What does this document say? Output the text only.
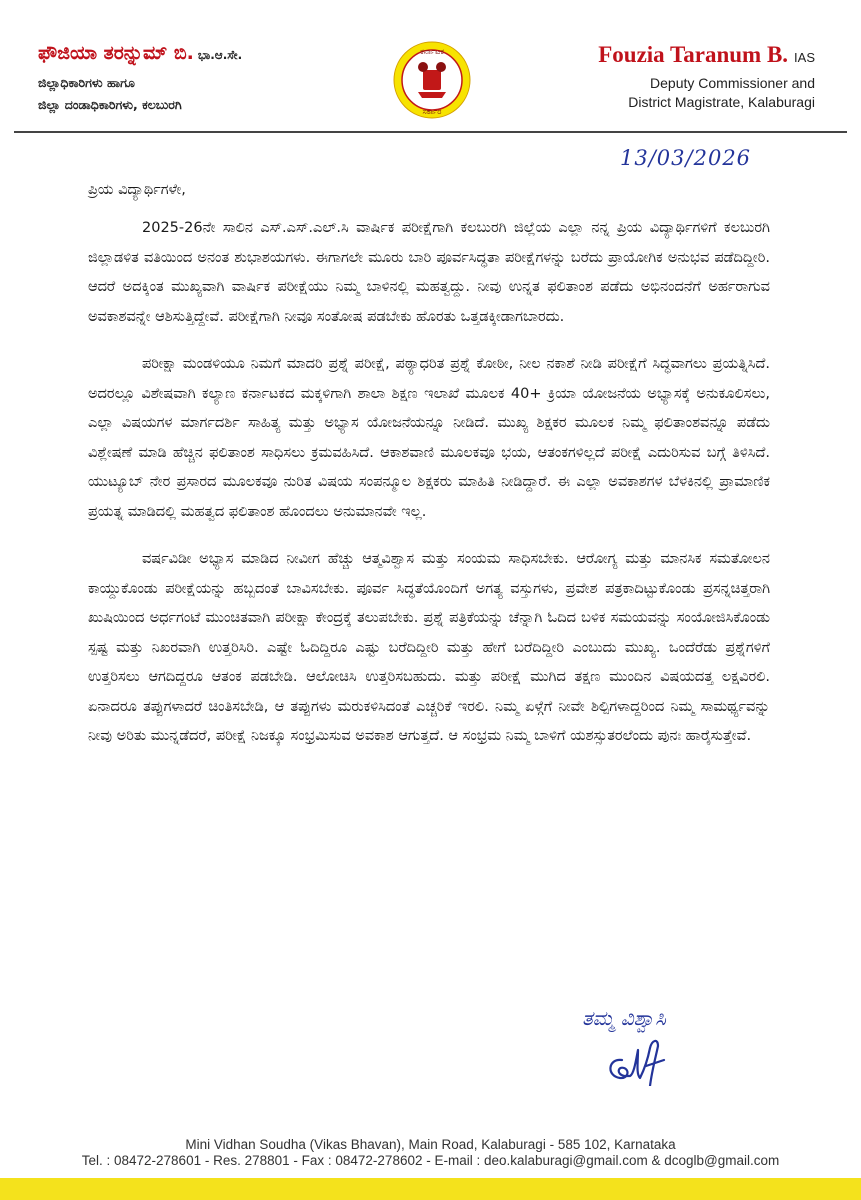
ಫೌಜಿಯಾ ತರನ್ನುಮ್ ಬಿ. ಭಾ.ಆ.ಸೇ.
ಜಿಲ್ಲಾಧಿಕಾರಿಗಳು ಹಾಗೂ
ಜಿಲ್ಲಾ ದಂಡಾಧಿಕಾರಿಗಳು, ಕಲಬುರಗಿ
ಕರ್ನಾಟಕ
ಸರ್ಕಾರ
Fouzia Taranum B. IAS
Deputy Commissioner and
District Magistrate, Kalaburagi
13/03/2026
ಪ್ರಿಯ ವಿದ್ಯಾರ್ಥಿಗಳೇ,

2025-26ನೇ ಸಾಲಿನ ಎಸ್.ಎಸ್.ಎಲ್.ಸಿ ವಾರ್ಷಿಕ ಪರೀಕ್ಷೆಗಾಗಿ ಕಲಬುರಗಿ ಜಿಲ್ಲೆಯ ಎಲ್ಲಾ ನನ್ನ ಪ್ರಿಯ ವಿದ್ಯಾರ್ಥಿಗಳಿಗೆ ಕಲಬುರಗಿ ಜಿಲ್ಲಾಡಳಿತ ವತಿಯಿಂದ ಅನಂತ ಶುಭಾಶಯಗಳು. ಈಗಾಗಲೇ ಮೂರು ಬಾರಿ ಪೂರ್ವಸಿದ್ಧತಾ ಪರೀಕ್ಷೆಗಳನ್ನು ಬರೆದು ಪ್ರಾಯೋಗಿಕ ಅನುಭವ ಪಡೆದಿದ್ದೀರಿ. ಆದರೆ ಅದಕ್ಕಿಂತ ಮುಖ್ಯವಾಗಿ ವಾರ್ಷಿಕ ಪರೀಕ್ಷೆಯು ನಿಮ್ಮ ಬಾಳಿನಲ್ಲಿ ಮಹತ್ವದ್ದು. ನೀವು ಉನ್ನತ ಫಲಿತಾಂಶ ಪಡೆದು ಅಭಿನಂದನೆಗೆ ಅರ್ಹರಾಗುವ ಅವಕಾಶವನ್ನೇ ಆಶಿಸುತ್ತಿದ್ದೇವೆ. ಪರೀಕ್ಷೆಗಾಗಿ ನೀವೂ ಸಂತೋಷ ಪಡಬೇಕು ಹೊರತು ಒತ್ತಡಕ್ಕೀಡಾಗಬಾರದು.

ಪರೀಕ್ಷಾ ಮಂಡಳಿಯೂ ನಿಮಗೆ ಮಾದರಿ ಪ್ರಶ್ನೆ ಪರೀಕ್ಷೆ, ಪಠ್ಯಾಧರಿತ ಪ್ರಶ್ನೆ ಕೋಠೀ, ನೀಲ ನಕಾಶೆ ನೀಡಿ ಪರೀಕ್ಷೆಗೆ ಸಿದ್ಧವಾಗಲು ಪ್ರಯತ್ನಿಸಿದೆ. ಅದರಲ್ಲೂ ವಿಶೇಷವಾಗಿ ಕಲ್ಯಾಣ ಕರ್ನಾಟಕದ ಮಕ್ಕಳಿಗಾಗಿ ಶಾಲಾ ಶಿಕ್ಷಣ ಇಲಾಖೆ ಮೂಲಕ 40+ ಕ್ರಿಯಾ ಯೋಜನೆಯ ಅಭ್ಯಾಸಕ್ಕೆ ಅನುಕೂಲಿಸಲು, ಎಲ್ಲಾ ವಿಷಯಗಳ ಮಾರ್ಗದರ್ಶಿ ಸಾಹಿತ್ಯ ಮತ್ತು ಅಭ್ಯಾಸ ಯೋಜನೆಯನ್ನೂ ನೀಡಿದೆ. ಮುಖ್ಯ ಶಿಕ್ಷಕರ ಮೂಲಕ ನಿಮ್ಮ ಫಲಿತಾಂಶವನ್ನೂ ಪಡೆದು ವಿಶ್ಲೇಷಣೆ ಮಾಡಿ ಹೆಚ್ಚಿನ ಫಲಿತಾಂಶ ಸಾಧಿಸಲು ಕ್ರಮವಹಿಸಿದೆ. ಆಕಾಶವಾಣಿ ಮೂಲಕವೂ ಭಯ, ಆತಂಕಗಳಿಲ್ಲದೆ ಪರೀಕ್ಷೆ ಎದುರಿಸುವ ಬಗ್ಗೆ ತಿಳಿಸಿದೆ. ಯುಟ್ಯೂಬ್ ನೇರ ಪ್ರಸಾರದ ಮೂಲಕವೂ ನುರಿತ ವಿಷಯ ಸಂಪನ್ಮೂಲ ಶಿಕ್ಷಕರು ಮಾಹಿತಿ ನೀಡಿದ್ದಾರೆ. ಈ ಎಲ್ಲಾ ಅವಕಾಶಗಳ ಬೆಳಕಿನಲ್ಲಿ ಪ್ರಾಮಾಣಿಕ ಪ್ರಯತ್ನ ಮಾಡಿದಲ್ಲಿ ಮಹತ್ವದ ಫಲಿತಾಂಶ ಹೊಂದಲು ಅನುಮಾನವೇ ಇಲ್ಲ.

ವರ್ಷವಿಡೀ ಅಭ್ಯಾಸ ಮಾಡಿದ ನೀವೀಗ ಹೆಚ್ಚು ಆತ್ಮವಿಶ್ವಾಸ ಮತ್ತು ಸಂಯಮ ಸಾಧಿಸಬೇಕು. ಆರೋಗ್ಯ ಮತ್ತು ಮಾನಸಿಕ ಸಮತೋಲನ ಕಾಯ್ದುಕೊಂಡು ಪರೀಕ್ಷೆಯನ್ನು ಹಬ್ಬದಂತೆ ಬಾವಿಸಬೇಕು. ಪೂರ್ವ ಸಿದ್ಧತೆಯೊಂದಿಗೆ ಅಗತ್ಯ ವಸ್ತುಗಳು, ಪ್ರವೇಶ ಪತ್ರಕಾದಿಟ್ಟುಕೊಂಡು ಪ್ರಸನ್ನಚಿತ್ತರಾಗಿ ಖುಷಿಯಿಂದ ಅರ್ಧಗಂಟೆ ಮುಂಚಿತವಾಗಿ ಪರೀಕ್ಷಾ ಕೇಂದ್ರಕ್ಕೆ ತಲುಪಬೇಕು. ಪ್ರಶ್ನೆ ಪತ್ರಿಕೆಯನ್ನು ಚೆನ್ನಾಗಿ ಓದಿದ ಬಳಿಕ ಸಮಯವನ್ನು ಸಂಯೋಜಿಸಿಕೊಂಡು ಸ್ಪಷ್ಟ ಮತ್ತು ನಿಖರವಾಗಿ ಉತ್ತರಿಸಿರಿ. ಎಷ್ಟೇ ಓದಿದ್ದಿರೂ ಎಷ್ಟು ಬರೆದಿದ್ದೀರಿ ಮತ್ತು ಹೇಗೆ ಬರೆದಿದ್ದೀರಿ ಎಂಬುದು ಮುಖ್ಯ. ಒಂದೆರೆಡು ಪ್ರಶ್ನೆಗಳಿಗೆ ಉತ್ತರಿಸಲು ಆಗದಿದ್ದರೂ ಆತಂಕ ಪಡಬೇಡಿ. ಆಲೋಚಿಸಿ ಉತ್ತರಿಸಬಹುದು. ಮತ್ತು ಪರೀಕ್ಷೆ ಮುಗಿದ ತಕ್ಷಣ ಮುಂದಿನ ವಿಷಯದತ್ತ ಲಕ್ಷವಿರಲಿ. ಏನಾದರೂ ತಪ್ಪುಗಳಾದರೆ ಚಿಂತಿಸಬೇಡಿ, ಆ ತಪ್ಪುಗಳು ಮರುಕಳಿಸಿದಂತೆ ಎಚ್ಚರಿಕೆ ಇರಲಿ. ನಿಮ್ಮ ಏಳ್ಗೆಗೆ ನೀವೇ ಶಿಲ್ಪಿಗಳಾದ್ದರಿಂದ ನಿಮ್ಮ ಸಾಮರ್ಥ್ಯವನ್ನು ನೀವು ಅರಿತು ಮುನ್ನಡೆದರೆ, ಪರೀಕ್ಷೆ ನಿಜಕ್ಕೂ ಸಂಭ್ರಮಿಸುವ ಅವಕಾಶ ಆಗುತ್ತದೆ. ಆ ಸಂಭ್ರಮ ನಿಮ್ಮ ಬಾಳಿಗೆ ಯಶಸ್ಸುತರಲೆಂದು ಪುನಃ ಹಾರೈಸುತ್ತೇವೆ.

ತಮ್ಮ ವಿಶ್ವಾಸಿ
Mini Vidhan Soudha (Vikas Bhavan), Main Road, Kalaburagi - 585 102, Karnataka
Tel. : 08472-278601 - Res. 278801 - Fax : 08472-278602 - E-mail : deo.kalaburagi@gmail.com & dcoglb@gmail.com
